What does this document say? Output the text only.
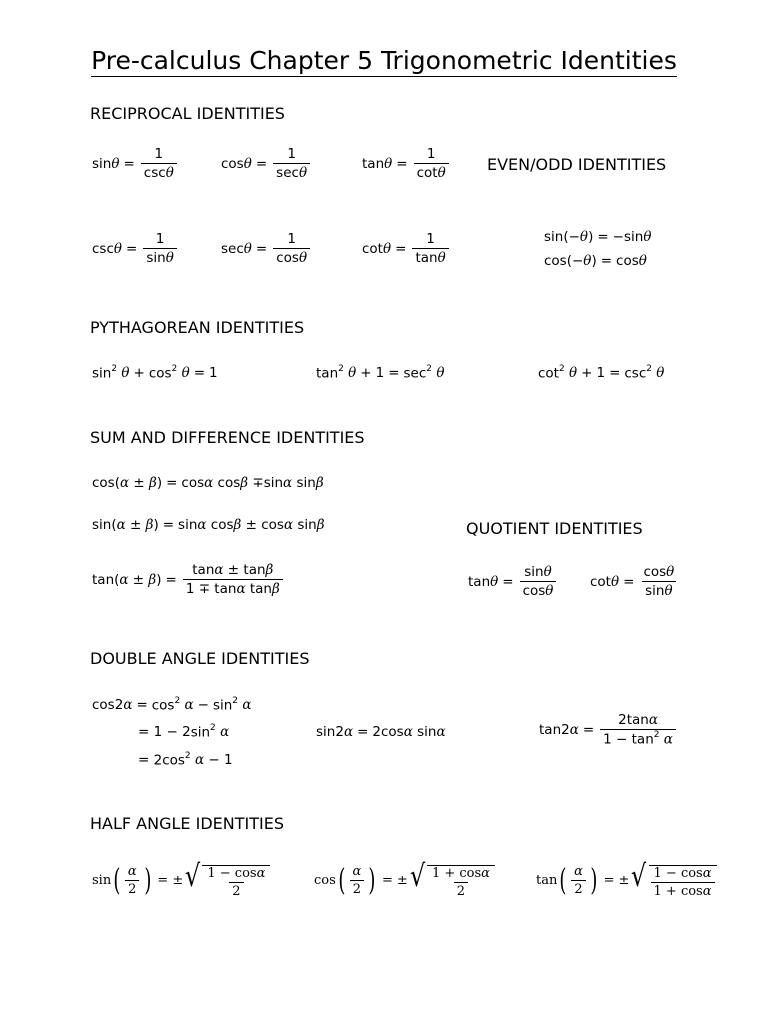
Pre-calculus Chapter 5 Trigonometric Identities
RECIPROCAL IDENTITIES
$\sin \theta = \frac{1}{\csc\theta}$	$\cos \theta = \frac{1}{\sec\theta}$	$\tan \theta = \frac{1}{\cot\theta}$
$\csc \theta = \frac{1}{\sin\theta}$	$\sec \theta = \frac{1}{\cos\theta}$	$\cot \theta = \frac{1}{\tan\theta}$
EVEN/ODD IDENTITIES
sin(− θ ) = −sin θ
cos(− θ ) = cos θ
PYTHAGOREAN IDENTITIES
$\sin^2 \theta + \cos^2 \theta = 1$	$\tan^2 \theta + 1 = \sec^2 \theta$	$\cot^2 \theta + 1 = \csc^2 \theta$
SUM AND DIFFERENCE IDENTITIES
cos( α ± β ) = cos α cos β ∓sin α sin β
sin( α ± β ) = sin α cos β ± cos α sin β
tan( α ± β ) = $\frac{\tan\alpha \pm \tan\beta}{\text{1 ∓ tanα tanβ}}$
QUOTIENT IDENTITIES
$\tan \theta = \frac{\sin\theta}{\cos\theta}$ $\cot \theta = \frac{\cos\theta}{\sin\theta}$
DOUBLE ANGLE IDENTITIES
cos2 $\alpha = \cos^2 \alpha - \sin^2 \alpha$
= 1 − 2 $\sin^2 \alpha$
= $2\cos^2$ α − 1
sin2 α = 2cos α sin α	tan2 $\alpha = \frac{2\tan\alpha}{1 - \tan^2 \alpha}$
HALF ANGLE IDENTITIES
sin ( $\frac{\alpha}{2}$ ) = ± √ $\frac{1 - \cos\alpha}{2}$	cos ( $\frac{\alpha}{2}$ ) = ± √ $\frac{1 + \cos\alpha}{2}$	tan ( $\frac{\alpha}{2}$ ) = ± √ $\frac{1 - \cos\alpha}{1 + \cos\alpha}$
